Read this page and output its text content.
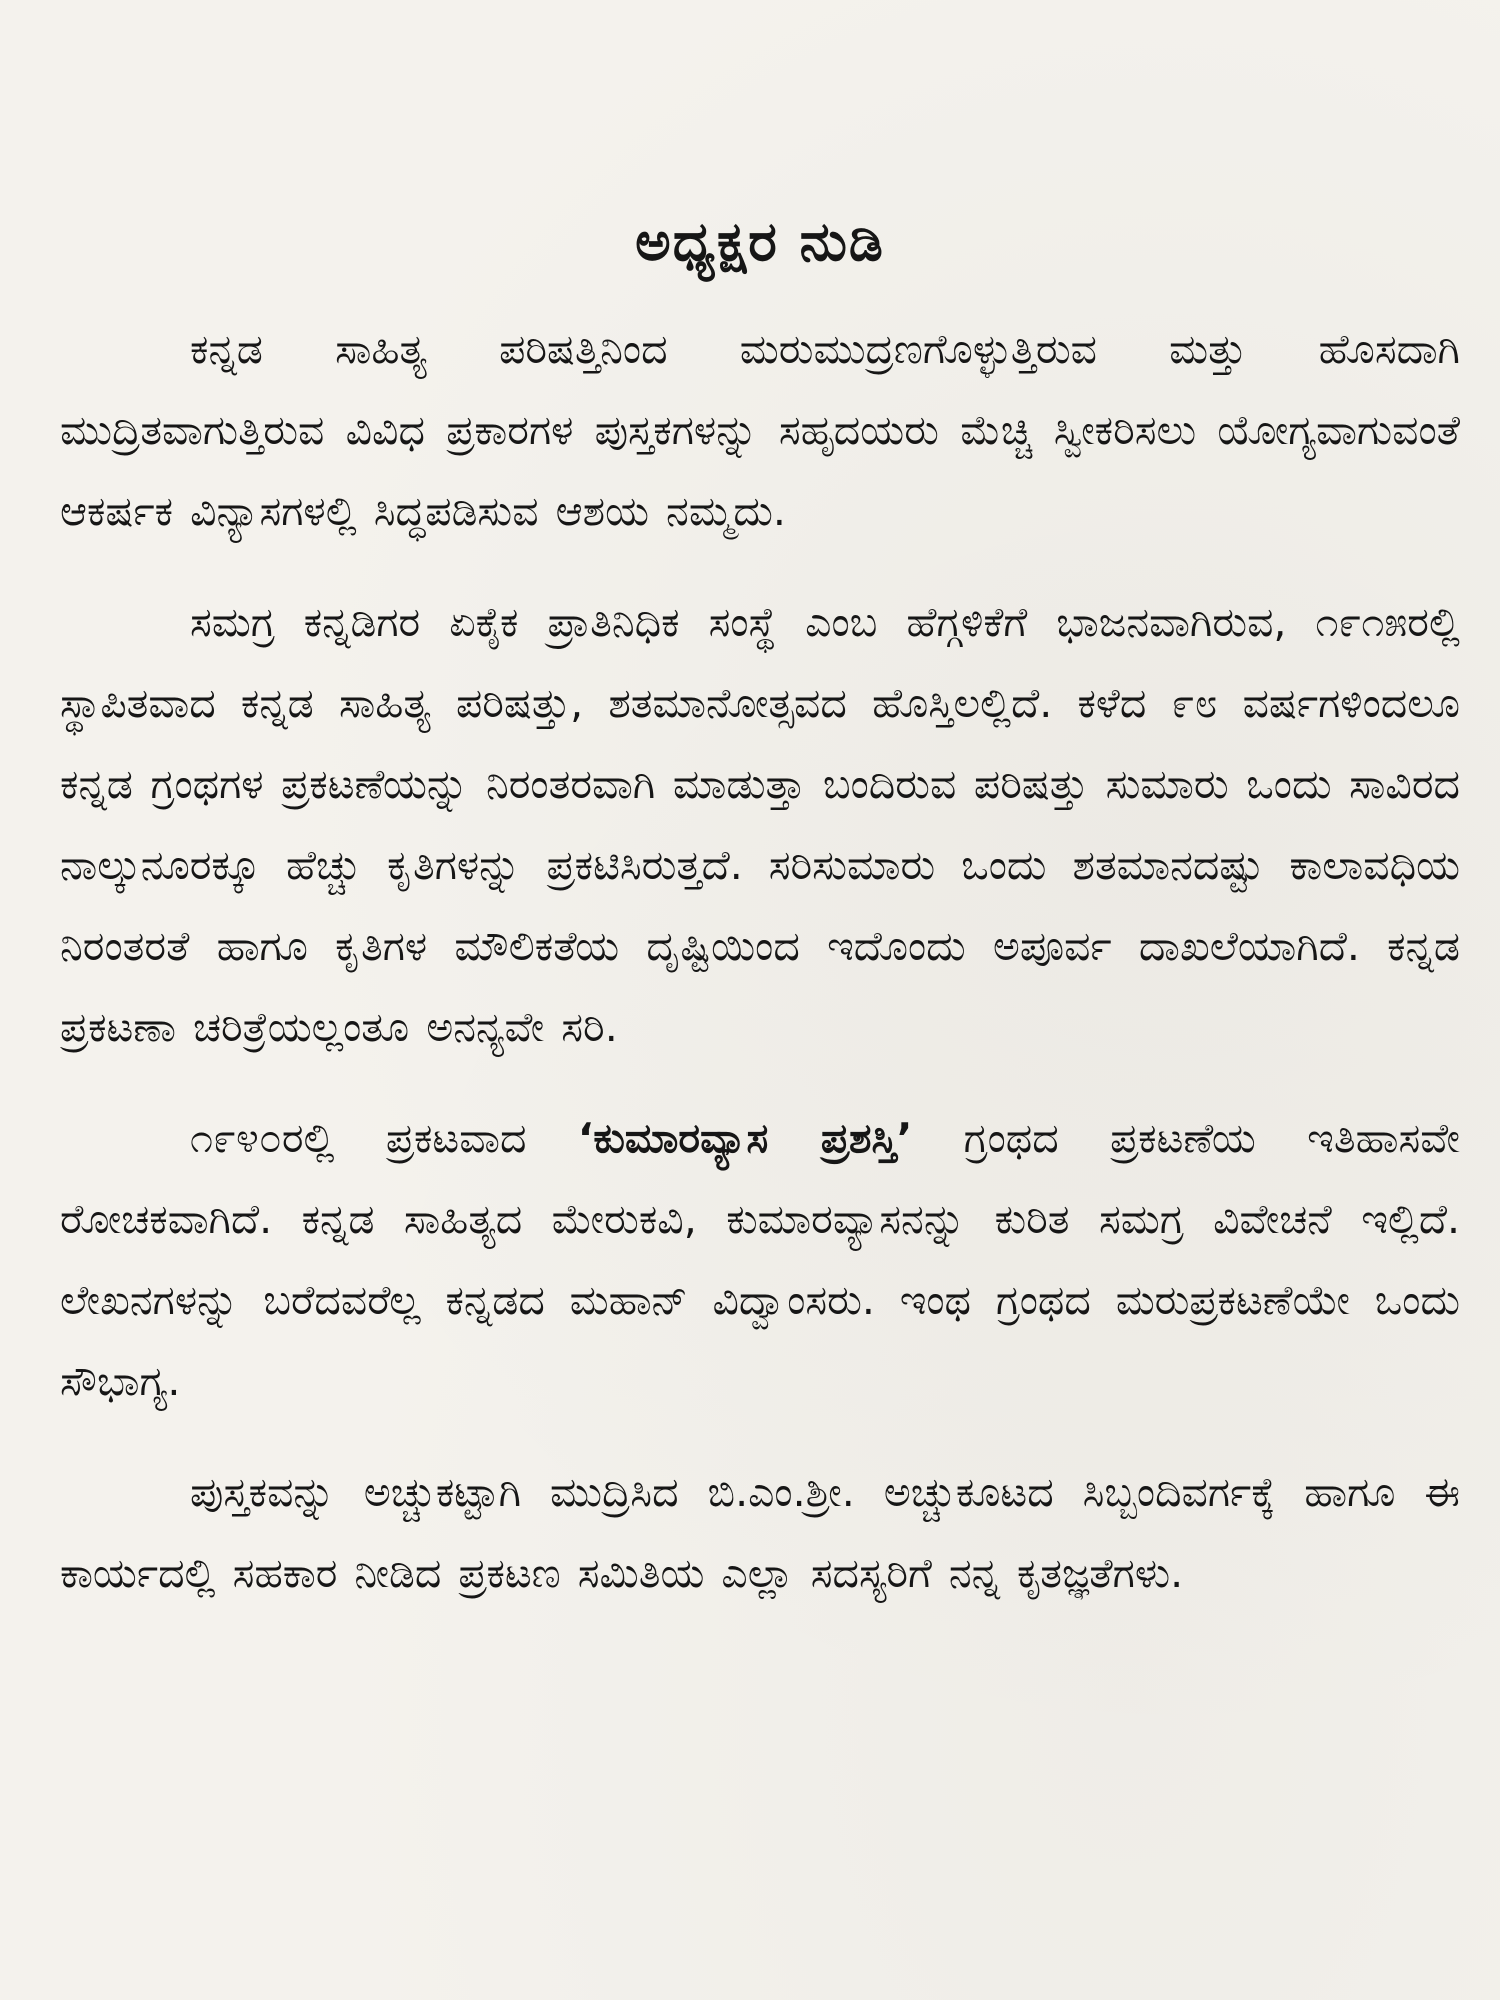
ಅಧ್ಯಕ್ಷರ ನುಡಿ

ಕನ್ನಡ ಸಾಹಿತ್ಯ ಪರಿಷತ್ತಿನಿಂದ ಮರುಮುದ್ರಣಗೊಳ್ಳುತ್ತಿರುವ ಮತ್ತು ಹೊಸದಾಗಿ ಮುದ್ರಿತವಾಗುತ್ತಿರುವ ವಿವಿಧ ಪ್ರಕಾರಗಳ ಪುಸ್ತಕಗಳನ್ನು ಸಹೃದಯರು ಮೆಚ್ಚಿ ಸ್ವೀಕರಿಸಲು ಯೋಗ್ಯವಾಗುವಂತೆ ಆಕರ್ಷಕ ವಿನ್ಯಾಸಗಳಲ್ಲಿ ಸಿದ್ಧಪಡಿಸುವ ಆಶಯ ನಮ್ಮದು.

ಸಮಗ್ರ ಕನ್ನಡಿಗರ ಏಕೈಕ ಪ್ರಾತಿನಿಧಿಕ ಸಂಸ್ಥೆ ಎಂಬ ಹೆಗ್ಗಳಿಕೆಗೆ ಭಾಜನವಾಗಿರುವ, ೧೯೧೫ರಲ್ಲಿ ಸ್ಥಾಪಿತವಾದ ಕನ್ನಡ ಸಾಹಿತ್ಯ ಪರಿಷತ್ತು, ಶತಮಾನೋತ್ಸವದ ಹೊಸ್ತಿಲಲ್ಲಿದೆ. ಕಳೆದ ೯೮ ವರ್ಷಗಳಿಂದಲೂ ಕನ್ನಡ ಗ್ರಂಥಗಳ ಪ್ರಕಟಣೆಯನ್ನು ನಿರಂತರವಾಗಿ ಮಾಡುತ್ತಾ ಬಂದಿರುವ ಪರಿಷತ್ತು ಸುಮಾರು ಒಂದು ಸಾವಿರದ ನಾಲ್ಕುನೂರಕ್ಕೂ ಹೆಚ್ಚು ಕೃತಿಗಳನ್ನು ಪ್ರಕಟಿಸಿರುತ್ತದೆ. ಸರಿಸುಮಾರು ಒಂದು ಶತಮಾನದಷ್ಟು ಕಾಲಾವಧಿಯ ನಿರಂತರತೆ ಹಾಗೂ ಕೃತಿಗಳ ಮೌಲಿಕತೆಯ ದೃಷ್ಟಿಯಿಂದ ಇದೊಂದು ಅಪೂರ್ವ ದಾಖಲೆಯಾಗಿದೆ. ಕನ್ನಡ ಪ್ರಕಟಣಾ ಚರಿತ್ರೆಯಲ್ಲಂತೂ ಅನನ್ಯವೇ ಸರಿ.

೧೯೪೦ರಲ್ಲಿ ಪ್ರಕಟವಾದ ‘ಕುಮಾರವ್ಯಾಸ ಪ್ರಶಸ್ತಿ’ ಗ್ರಂಥದ ಪ್ರಕಟಣೆಯ ಇತಿಹಾಸವೇ ರೋಚಕವಾಗಿದೆ. ಕನ್ನಡ ಸಾಹಿತ್ಯದ ಮೇರುಕವಿ, ಕುಮಾರವ್ಯಾಸನನ್ನು ಕುರಿತ ಸಮಗ್ರ ವಿವೇಚನೆ ಇಲ್ಲಿದೆ. ಲೇಖನಗಳನ್ನು ಬರೆದವರೆಲ್ಲ ಕನ್ನಡದ ಮಹಾನ್ ವಿದ್ವಾಂಸರು. ಇಂಥ ಗ್ರಂಥದ ಮರುಪ್ರಕಟಣೆಯೇ ಒಂದು ಸೌಭಾಗ್ಯ.

ಪುಸ್ತಕವನ್ನು ಅಚ್ಚುಕಟ್ಟಾಗಿ ಮುದ್ರಿಸಿದ ಬಿ.ಎಂ.ಶ್ರೀ. ಅಚ್ಚುಕೂಟದ ಸಿಬ್ಬಂದಿವರ್ಗಕ್ಕೆ ಹಾಗೂ ಈ ಕಾರ್ಯದಲ್ಲಿ ಸಹಕಾರ ನೀಡಿದ ಪ್ರಕಟಣ ಸಮಿತಿಯ ಎಲ್ಲಾ ಸದಸ್ಯರಿಗೆ ನನ್ನ ಕೃತಜ್ಞತೆಗಳು.
